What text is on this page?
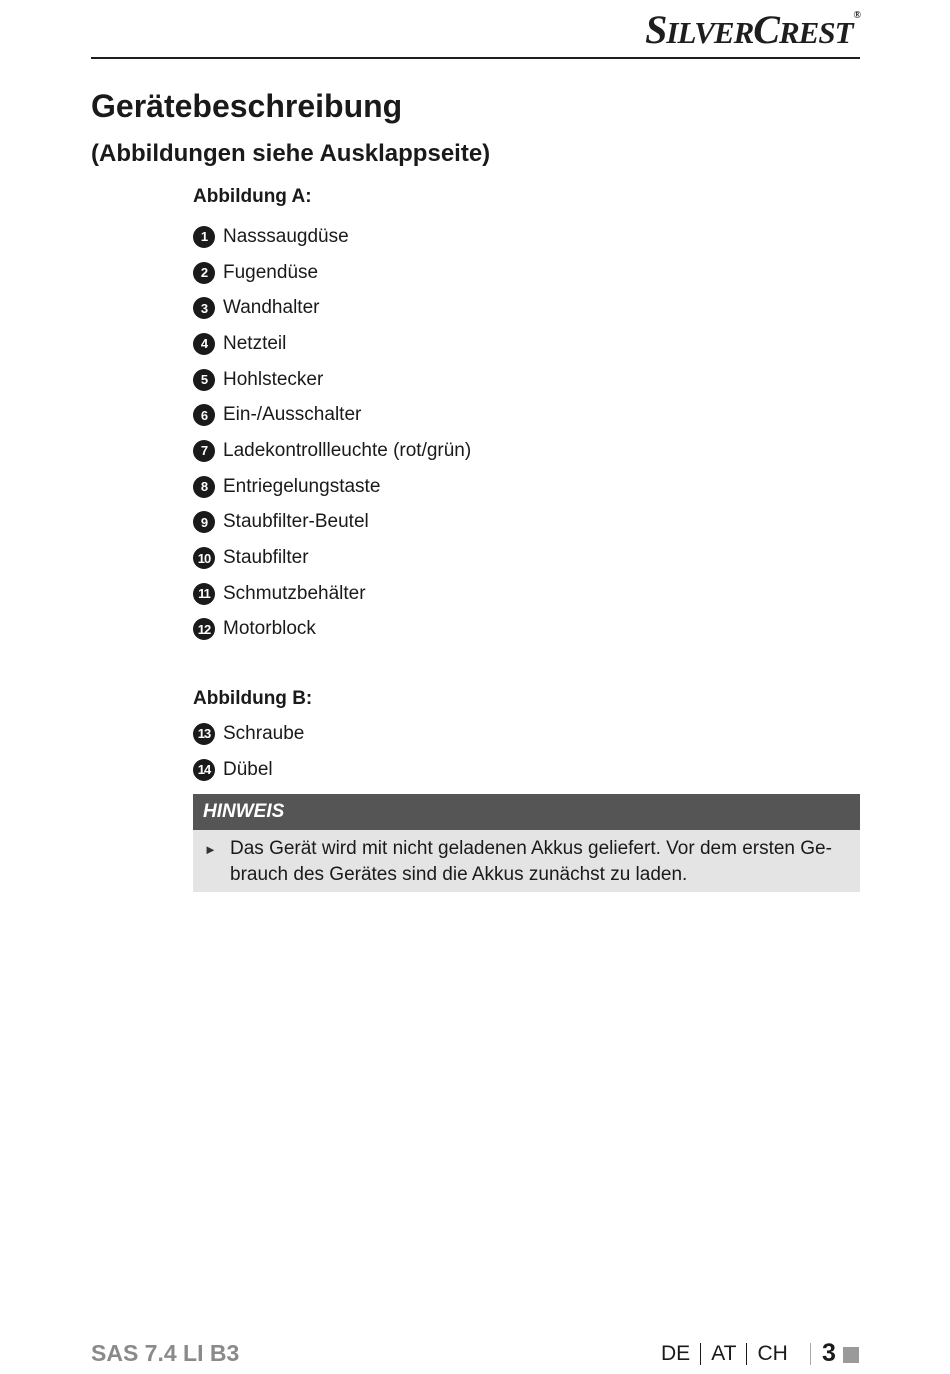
SILVERCREST®
Gerätebeschreibung
(Abbildungen siehe Ausklappseite)
Abbildung A:
1 Nasssaugdüse
2 Fugendüse
3 Wandhalter
4 Netzteil
5 Hohlstecker
6 Ein-/Ausschalter
7 Ladekontrollleuchte (rot/grün)
8 Entriegelungstaste
9 Staubfilter-Beutel
10 Staubfilter
11 Schmutzbehälter
12 Motorblock
Abbildung B:
13 Schraube
14 Dübel
HINWEIS
► Das Gerät wird mit nicht geladenen Akkus geliefert. Vor dem ersten Ge-brauch des Gerätes sind die Akkus zunächst zu laden.

SAS 7.4 LI B3	DE AT CH 3
